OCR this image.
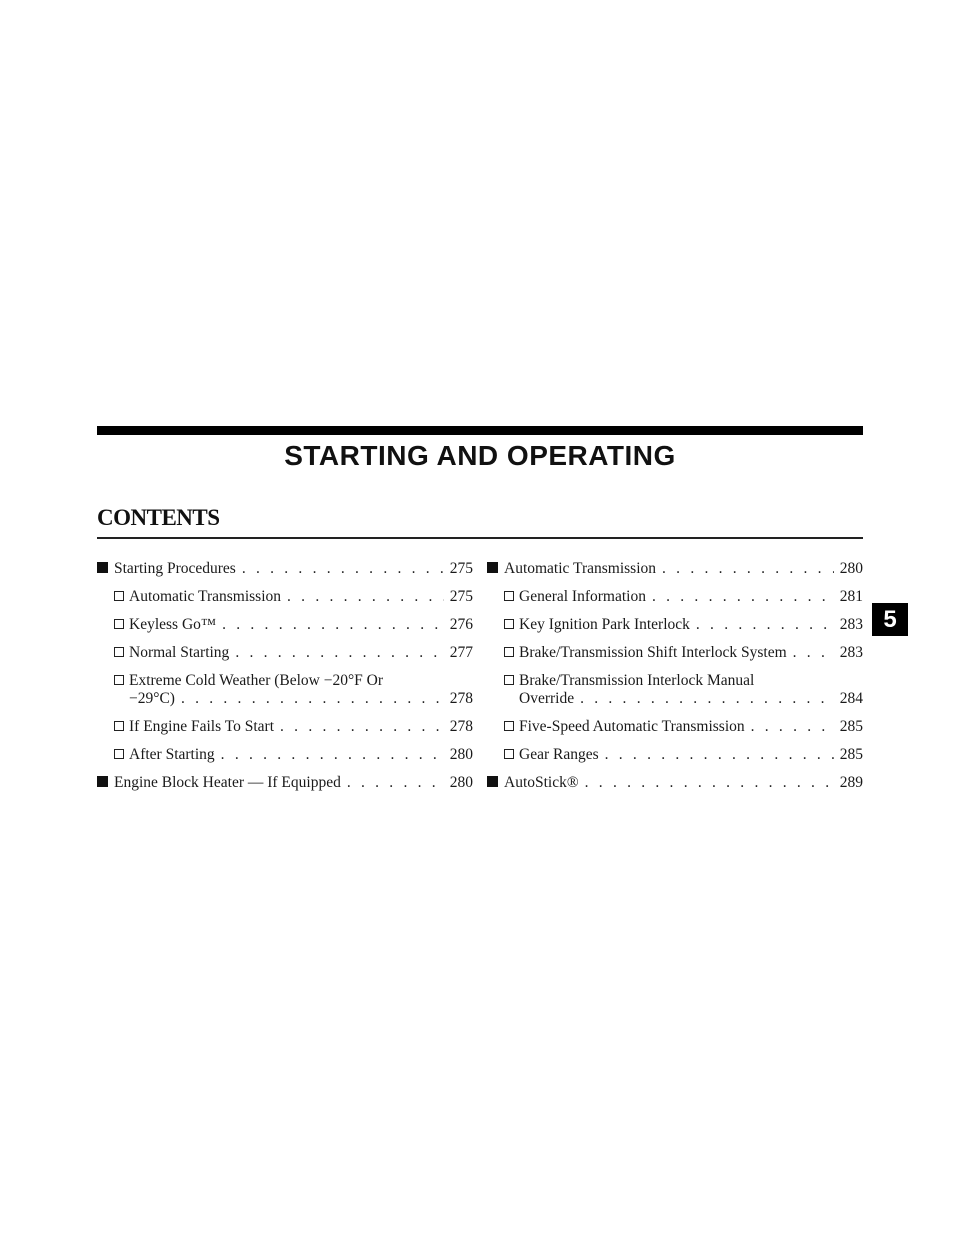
STARTING AND OPERATING
CONTENTS
Starting Procedures . . .	275
Automatic Transmission . . .	275
Keyless Go™ . . .	276
Normal Starting . . .	277
Extreme Cold Weather (Below −20°F Or
−29°C) . . .	278
If Engine Fails To Start . . .	278
After Starting . . .	280
Engine Block Heater — If Equipped . . .	280
Automatic Transmission . . .	280
General Information . . .	281
Key Ignition Park Interlock . . .	283
Brake/Transmission Shift Interlock System . . .	283
Brake/Transmission Interlock Manual
Override . . .	284
Five-Speed Automatic Transmission . . .	285
Gear Ranges . . .	285
AutoStick® . . .	289
5
